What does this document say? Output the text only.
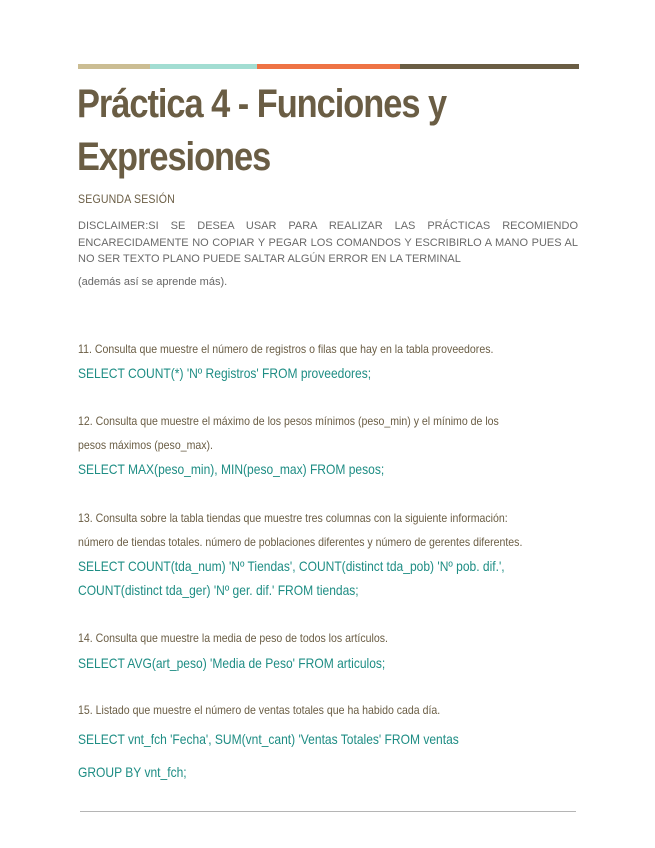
Práctica 4 - Funciones y
Expresiones
SEGUNDA SESIÓN
DISCLAIMER:SI SE DESEA USAR PARA REALIZAR LAS PRÁCTICAS RECOMIENDO ENCARECIDAMENTE NO COPIAR Y PEGAR LOS COMANDOS Y ESCRIBIRLO A MANO PUES AL NO SER TEXTO PLANO PUEDE SALTAR ALGÚN ERROR EN LA TERMINAL
(además así se aprende más).
11. Consulta que muestre el número de registros o filas que hay en la tabla proveedores.
SELECT COUNT(*) 'Nº Registros' FROM proveedores;
12. Consulta que muestre el máximo de los pesos mínimos (peso_min) y el mínimo de los
pesos máximos (peso_max).
SELECT MAX(peso_min), MIN(peso_max) FROM pesos;
13. Consulta sobre la tabla tiendas que muestre tres columnas con la siguiente información:
número de tiendas totales. número de poblaciones diferentes y número de gerentes diferentes.
SELECT COUNT(tda_num) 'Nº Tiendas', COUNT(distinct tda_pob) 'Nº pob. dif.',
COUNT(distinct tda_ger) 'Nº ger. dif.' FROM tiendas;
14. Consulta que muestre la media de peso de todos los artículos.
SELECT AVG(art_peso) 'Media de Peso' FROM articulos;
15. Listado que muestre el número de ventas totales que ha habido cada día.
SELECT vnt_fch 'Fecha', SUM(vnt_cant) 'Ventas Totales' FROM ventas
GROUP BY vnt_fch;
